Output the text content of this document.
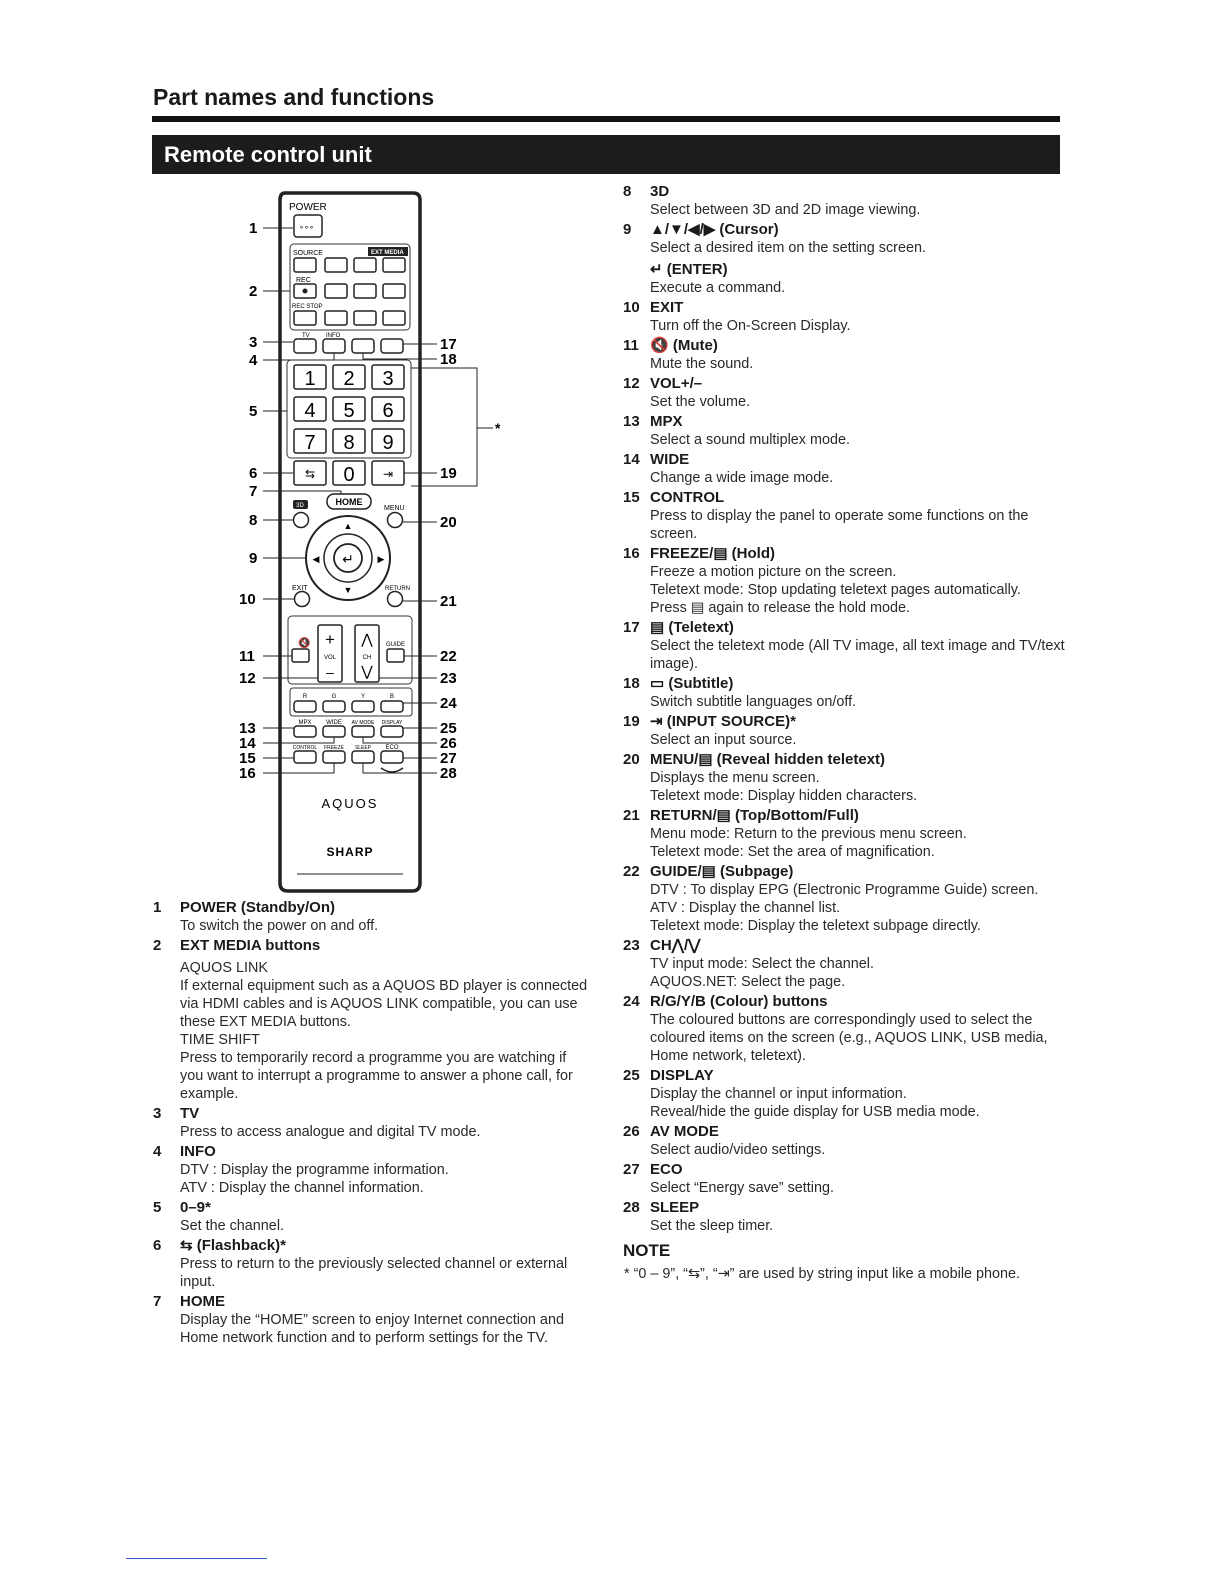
Part names and functions
Remote control unit
POWER
∘∘∘
SOURCE	EXT MEDIA
REC
REC STOP
TV	INFO
1 2 3
4 5 6
7 8 9
⇆ 0 ⇥
HOME
3D	MENU
↵
▲
▼
◀	▶
EXIT	RETURN
+
VOL
–
⋀
CH
⋁
🔇	GUIDE
R	G	Y	B
MPX WIDE AV MODE DISPLAY
CONTROL FREEZE SLEEP ECO
AQUOS
SHARP
1
2
3
4
5
6
7
8
9
10
11
12
13
14
15
16
17
18
19
20
21
22
23
24
25
26
27
28
*
1	POWER (Standby/On)
To switch the power on and off.
2	EXT MEDIA buttons
AQUOS LINK
If external equipment such as a AQUOS BD player is connected via HDMI cables and is AQUOS LINK compatible, you can use these EXT MEDIA buttons.
TIME SHIFT
Press to temporarily record a programme you are watching if you want to interrupt a programme to answer a phone call, for example.
3	TV
Press to access analogue and digital TV mode.
4	INFO
DTV : Display the programme information.
ATV : Display the channel information.
5	0–9*
Set the channel.
6	⇆ (Flashback)*
Press to return to the previously selected channel or external input.
7	HOME
Display the “HOME” screen to enjoy Internet connection and Home network function and to perform settings for the TV.
8	3D
Select between 3D and 2D image viewing.
9	▲/▼/◀/▶ (Cursor)
Select a desired item on the setting screen.
↵ (ENTER)
Execute a command.
10 EXIT
Turn off the On-Screen Display.
11 🔇 (Mute)
Mute the sound.
12 VOL+/–
Set the volume.
13 MPX
Select a sound multiplex mode.
14 WIDE
Change a wide image mode.
15 CONTROL
Press to display the panel to operate some functions on the screen.
16 FREEZE/▤ (Hold)
Freeze a motion picture on the screen.
Teletext mode: Stop updating teletext pages automatically.
Press ▤ again to release the hold mode.
17 ▤ (Teletext)
Select the teletext mode (All TV image, all text image and TV/text image).
18 ▭ (Subtitle)
Switch subtitle languages on/off.
19 ⇥ (INPUT SOURCE)*
Select an input source.
20 MENU/▤ (Reveal hidden teletext)
Displays the menu screen.
Teletext mode: Display hidden characters.
21 RETURN/▤ (Top/Bottom/Full)
Menu mode: Return to the previous menu screen.
Teletext mode: Set the area of magnification.
22 GUIDE/▤ (Subpage)
DTV : To display EPG (Electronic Programme Guide) screen.
ATV : Display the channel list.
Teletext mode: Display the teletext subpage directly.
23 CH⋀/⋁
TV input mode: Select the channel.
AQUOS.NET: Select the page.
24 R/G/Y/B (Colour) buttons
The coloured buttons are correspondingly used to select the coloured items on the screen (e.g., AQUOS LINK, USB media, Home network, teletext).
25 DISPLAY
Display the channel or input information.
Reveal/hide the guide display for USB media mode.
26 AV MODE
Select audio/video settings.
27 ECO
Select “Energy save” setting.
28 SLEEP
Set the sleep timer.
NOTE
* “0 – 9”, “⇆”, “⇥” are used by string input like a mobile phone.
